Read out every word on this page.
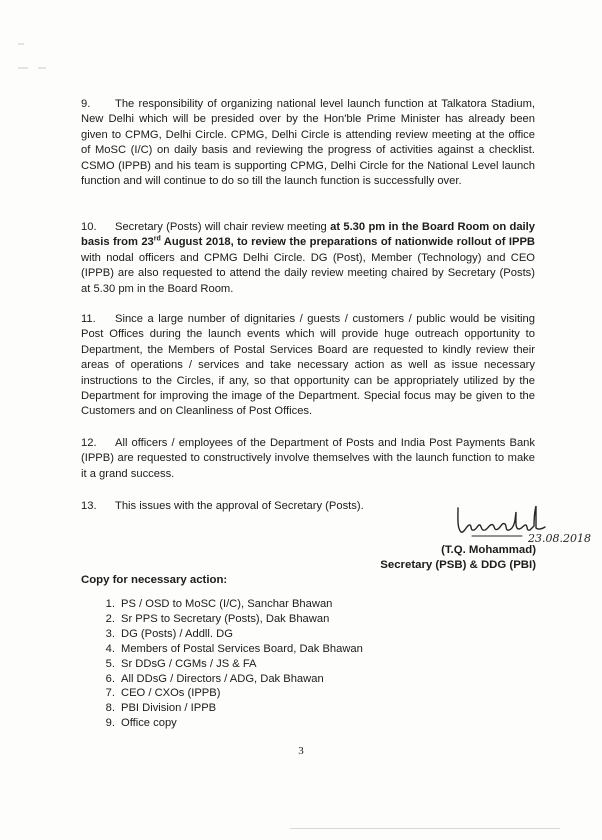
9. The responsibility of organizing national level launch function at Talkatora Stadium, New Delhi which will be presided over by the Hon'ble Prime Minister has already been given to CPMG, Delhi Circle. CPMG, Delhi Circle is attending review meeting at the office of MoSC (I/C) on daily basis and reviewing the progress of activities against a checklist. CSMO (IPPB) and his team is supporting CPMG, Delhi Circle for the National Level launch function and will continue to do so till the launch function is successfully over.

10. Secretary (Posts) will chair review meeting at 5.30 pm in the Board Room on daily basis from 23rd August 2018, to review the preparations of nationwide rollout of IPPB with nodal officers and CPMG Delhi Circle. DG (Post), Member (Technology) and CEO (IPPB) are also requested to attend the daily review meeting chaired by Secretary (Posts) at 5.30 pm in the Board Room.

11. Since a large number of dignitaries / guests / customers / public would be visiting Post Offices during the launch events which will provide huge outreach opportunity to Department, the Members of Postal Services Board are requested to kindly review their areas of operations / services and take necessary action as well as issue necessary instructions to the Circles, if any, so that opportunity can be appropriately utilized by the Department for improving the image of the Department. Special focus may be given to the Customers and on Cleanliness of Post Offices.

12. All officers / employees of the Department of Posts and India Post Payments Bank (IPPB) are requested to constructively involve themselves with the launch function to make it a grand success.

13. This issues with the approval of Secretary (Posts).

23.08.2018
(T.Q. Mohammad)
Secretary (PSB) & DDG (PBI)
Copy for necessary action:
1. PS / OSD to MoSC (I/C), Sanchar Bhawan
2. Sr PPS to Secretary (Posts), Dak Bhawan
3. DG (Posts) / Addll. DG
4. Members of Postal Services Board, Dak Bhawan
5. Sr DDsG / CGMs / JS & FA
6. All DDsG / Directors / ADG, Dak Bhawan
7. CEO / CXOs (IPPB)
8. PBI Division / IPPB
9. Office copy
3
